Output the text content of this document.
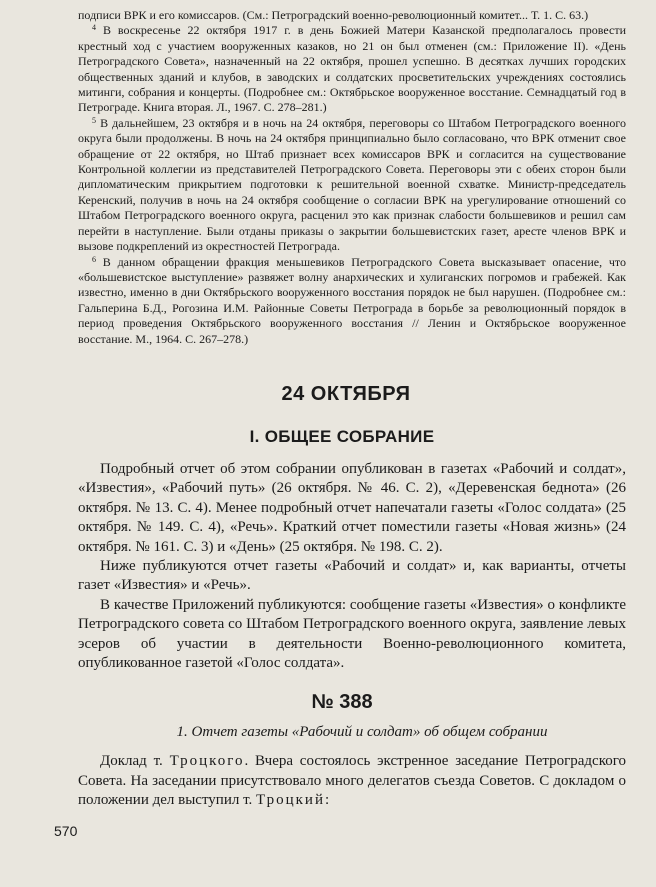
подписи ВРК и его комиссаров. (См.: Петроградский военно-революционный комитет... Т. 1. С. 63.)

$^4$ В воскресенье 22 октября 1917 г. в день Божией Матери Казанской предполагалось провести крестный ход с участием вооруженных казаков, но 21 он был отменен (см.: Приложение II). «День Петроградского Совета», назначенный на 22 октября, прошел успешно. В десятках лучших городских общественных зданий и клубов, в заводских и солдатских просветительских учреждениях состоялись митинги, собрания и концерты. (Подробнее см.: Октябрьское вооруженное восстание. Семнадцатый год в Петрограде. Книга вторая. Л., 1967. С. 278–281.)

$^5$ В дальнейшем, 23 октября и в ночь на 24 октября, переговоры со Штабом Петроградского военного округа были продолжены. В ночь на 24 октября принципиально было согласовано, что ВРК отменит свое обращение от 22 октября, но Штаб признает всех комиссаров ВРК и согласится на существование Контрольной коллегии из представителей Петроградского Совета. Переговоры эти с обеих сторон были дипломатическим прикрытием подготовки к решительной военной схватке. Министр-председатель Керенский, получив в ночь на 24 октября сообщение о согласии ВРК на урегулирование отношений со Штабом Петроградского военного округа, расценил это как признак слабости большевиков и решил сам перейти в наступление. Были отданы приказы о закрытии большевистских газет, аресте членов ВРК и вызове подкреплений из окрестностей Петрограда.

$^6$ В данном обращении фракция меньшевиков Петроградского Совета высказывает опасение, что «большевистское выступление» развяжет волну анархических и хулиганских погромов и грабежей. Как известно, именно в дни Октябрьского вооруженного восстания порядок не был нарушен. (Подробнее см.: Гальперина Б.Д., Рогозина И.М. Районные Советы Петрограда в борьбе за революционный порядок в период проведения Октябрьского вооруженного восстания // Ленин и Октябрьское вооруженное восстание. М., 1964. С. 267–278.)

24 ОКТЯБРЯ
I. ОБЩЕЕ СОБРАНИЕ

Подробный отчет об этом собрании опубликован в газетах «Рабочий и солдат», «Известия», «Рабочий путь» (26 октября. № 46. С. 2), «Деревенская беднота» (26 октября. № 13. С. 4). Менее подробный отчет напечатали газеты «Голос солдата» (25 октября. № 149. С. 4), «Речь». Краткий отчет поместили газеты «Новая жизнь» (24 октября. № 161. С. 3) и «День» (25 октября. № 198. С. 2).

Ниже публикуются отчет газеты «Рабочий и солдат» и, как варианты, отчеты газет «Известия» и «Речь».

В качестве Приложений публикуются: сообщение газеты «Известия» о конфликте Петроградского совета со Штабом Петроградского военного округа, заявление левых эсеров об участии в деятельности Военно-революционного комитета, опубликованное газетой «Голос солдата».

№ 388
1. Отчет газеты «Рабочий и солдат» об общем собрании

Доклад т. Троцкого. Вчера состоялось экстренное заседание Петроградского Совета. На заседании присутствовало много делегатов съезда Советов. С докладом о положении дел выступил т. Троцкий:

570
